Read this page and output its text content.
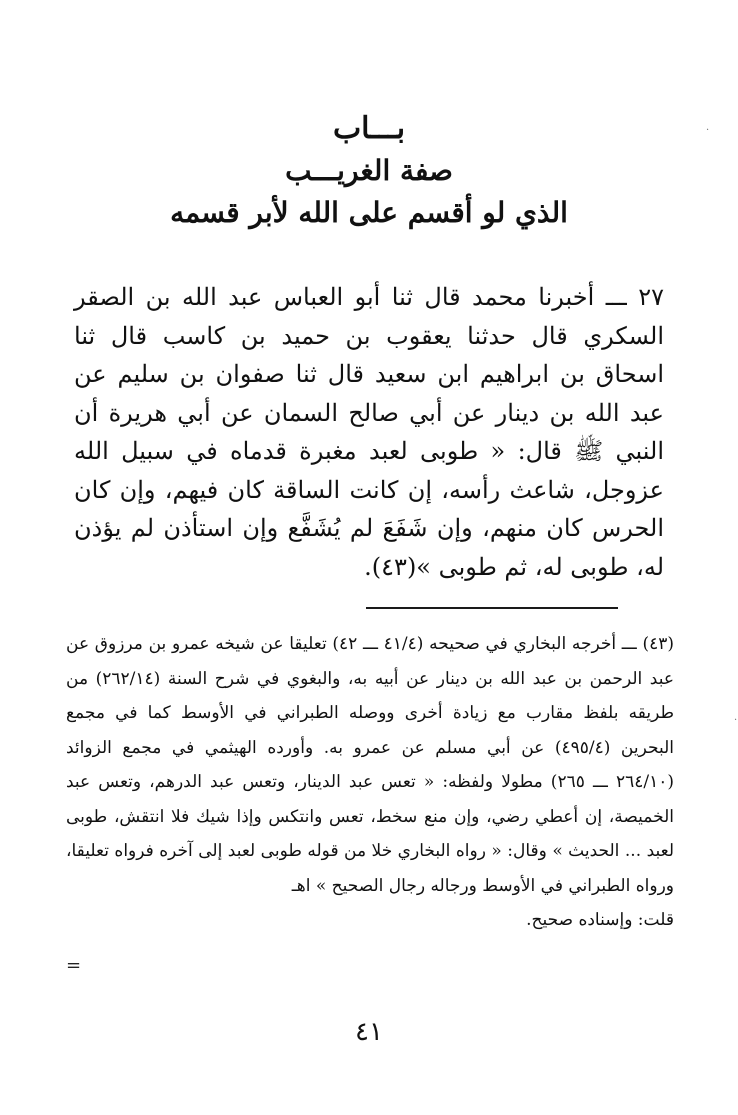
بـــاب

صفة الغريـــب

الذي لو أقسم على الله لأبر قسمه

٢٧ ـــ أخبرنا محمد قال ثنا أبو العباس عبد الله بن الصقر السكري قال حدثنا يعقوب بن حميد بن كاسب قال ثنا اسحاق بن ابراهيم ابن سعيد قال ثنا صفوان بن سليم عن عبد الله بن دينار عن أبي صالح السمان عن أبي هريرة أن النبي ﷺ قال: « طوبى لعبد مغبرة قدماه في سبيل الله عزوجل، شاعث رأسه، إن كانت الساقة كان فيهم، وإن كان الحرس كان منهم، وإن شَفَعَ لم يُشَفَّع وإن استأذن لم يؤذن له، طوبى له، ثم طوبى »(٤٣).

(٤٣) ـــ أخرجه البخاري في صحيحه (٤١/٤ ـــ ٤٢) تعليقا عن شيخه عمرو بن مرزوق عن عبد الرحمن بن عبد الله بن دينار عن أبيه به، والبغوي في شرح السنة (٢٦٢/١٤) من طريقه بلفظ مقارب مع زيادة أخرى ووصله الطبراني في الأوسط كما في مجمع البحرين (٤٩٥/٤) عن أبي مسلم عن عمرو به. وأورده الهيثمي في مجمع الزوائد (٢٦٤/١٠ ـــ ٢٦٥) مطولا ولفظه: « تعس عبد الدينار، وتعس عبد الدرهم، وتعس عبد الخميصة، إن أعطي رضي، وإن منع سخط، تعس وانتكس وإذا شيك فلا انتقش، طوبى لعبد ... الحديث » وقال: « رواه البخاري خلا من قوله طوبى لعبد إلى آخره فرواه تعليقا، ورواه الطبراني في الأوسط ورجاله رجال الصحيح » اهـ

قلت: وإسناده صحيح.

=
٤١
·
·
